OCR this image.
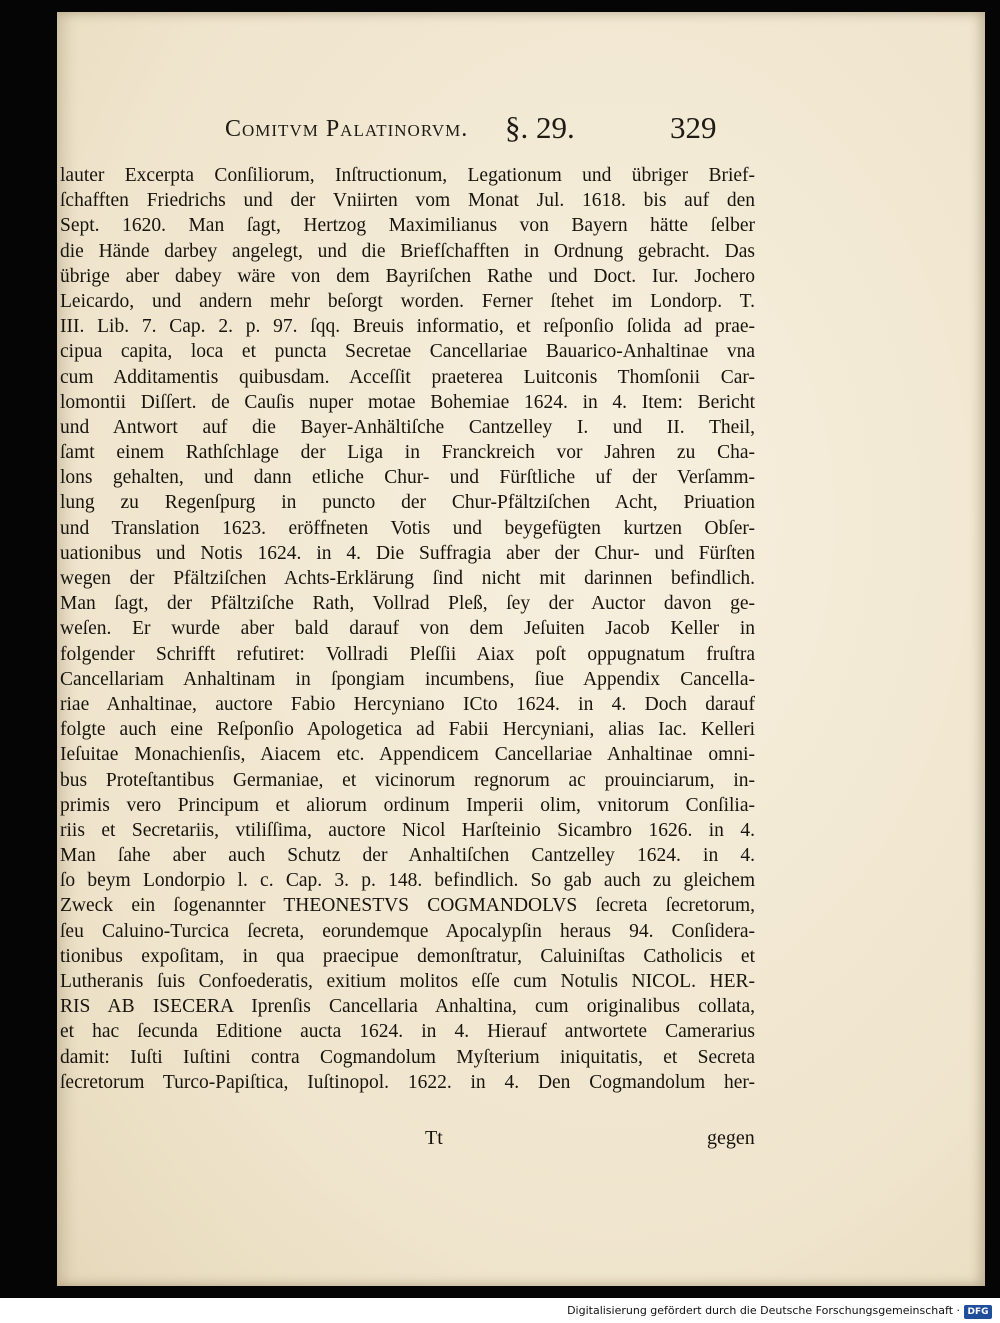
Comitvm Palatinorvm. §. 29.	329
lauter Excerpta Conſiliorum, Inſtructionum, Legationum und übriger Brief-
ſchafften Friedrichs und der Vniirten vom Monat Jul. 1618. bis auf den
Sept. 1620. Man ſagt, Hertzog Maximilianus von Bayern hätte ſelber
die Hände darbey angelegt, und die Briefſchafften in Ordnung gebracht. Das
übrige aber dabey wäre von dem Bayriſchen Rathe und Doct. Iur. Jochero
Leicardo, und andern mehr beſorgt worden. Ferner ſtehet im Londorp. T.
III. Lib. 7. Cap. 2. p. 97. ſqq. Breuis informatio, et reſponſio ſolida ad prae-
cipua capita, loca et puncta Secretae Cancellariae Bauarico-Anhaltinae vna
cum Additamentis quibusdam. Acceſſit praeterea Luitconis Thomſonii Car-
lomontii Diſſert. de Cauſis nuper motae Bohemiae 1624. in 4. Item: Bericht
und Antwort auf die Bayer-Anhältiſche Cantzelley I. und II. Theil,
ſamt einem Rathſchlage der Liga in Franckreich vor Jahren zu Cha-
lons gehalten, und dann etliche Chur- und Fürſtliche uf der Verſamm-
lung zu Regenſpurg in puncto der Chur-Pfältziſchen Acht, Priuation
und Translation 1623. eröffneten Votis und beygefügten kurtzen Obſer-
uationibus und Notis 1624. in 4. Die Suffragia aber der Chur- und Fürſten
wegen der Pfältziſchen Achts-Erklärung ſind nicht mit darinnen befindlich.
Man ſagt, der Pfältziſche Rath, Vollrad Pleß, ſey der Auctor davon ge-
weſen. Er wurde aber bald darauf von dem Jeſuiten Jacob Keller in
folgender Schrifft refutiret: Vollradi Pleſſii Aiax poſt oppugnatum fruſtra
Cancellariam Anhaltinam in ſpongiam incumbens, ſiue Appendix Cancella-
riae Anhaltinae, auctore Fabio Hercyniano ICto 1624. in 4. Doch darauf
folgte auch eine Reſponſio Apologetica ad Fabii Hercyniani, alias Iac. Kelleri
Ieſuitae Monachienſis, Aiacem etc. Appendicem Cancellariae Anhaltinae omni-
bus Proteſtantibus Germaniae, et vicinorum regnorum ac prouinciarum, in-
primis vero Principum et aliorum ordinum Imperii olim, vnitorum Conſilia-
riis et Secretariis, vtiliſſima, auctore Nicol Harſteinio Sicambro 1626. in 4.
Man ſahe aber auch Schutz der Anhaltiſchen Cantzelley 1624. in 4.
ſo beym Londorpio l. c. Cap. 3. p. 148. befindlich. So gab auch zu gleichem
Zweck ein ſogenannter THEONESTVS COGMANDOLVS ſecreta ſecretorum,
ſeu Caluino-Turcica ſecreta, eorundemque Apocalypſin heraus 94. Conſidera-
tionibus expoſitam, in qua praecipue demonſtratur, Caluiniſtas Catholicis et
Lutheranis ſuis Confoederatis, exitium molitos eſſe cum Notulis NICOL. HER-
RIS AB ISECERA Iprenſis Cancellaria Anhaltina, cum originalibus collata,
et hac ſecunda Editione aucta 1624. in 4. Hierauf antwortete Camerarius
damit: Iuſti Iuſtini contra Cogmandolum Myſterium iniquitatis, et Secreta
ſecretorum Turco-Papiſtica, Iuſtinopol. 1622. in 4. Den Cogmandolum her-
Tt	gegen
Digitalisierung gefördert durch die Deutsche Forschungsgemeinschaft · DFG
